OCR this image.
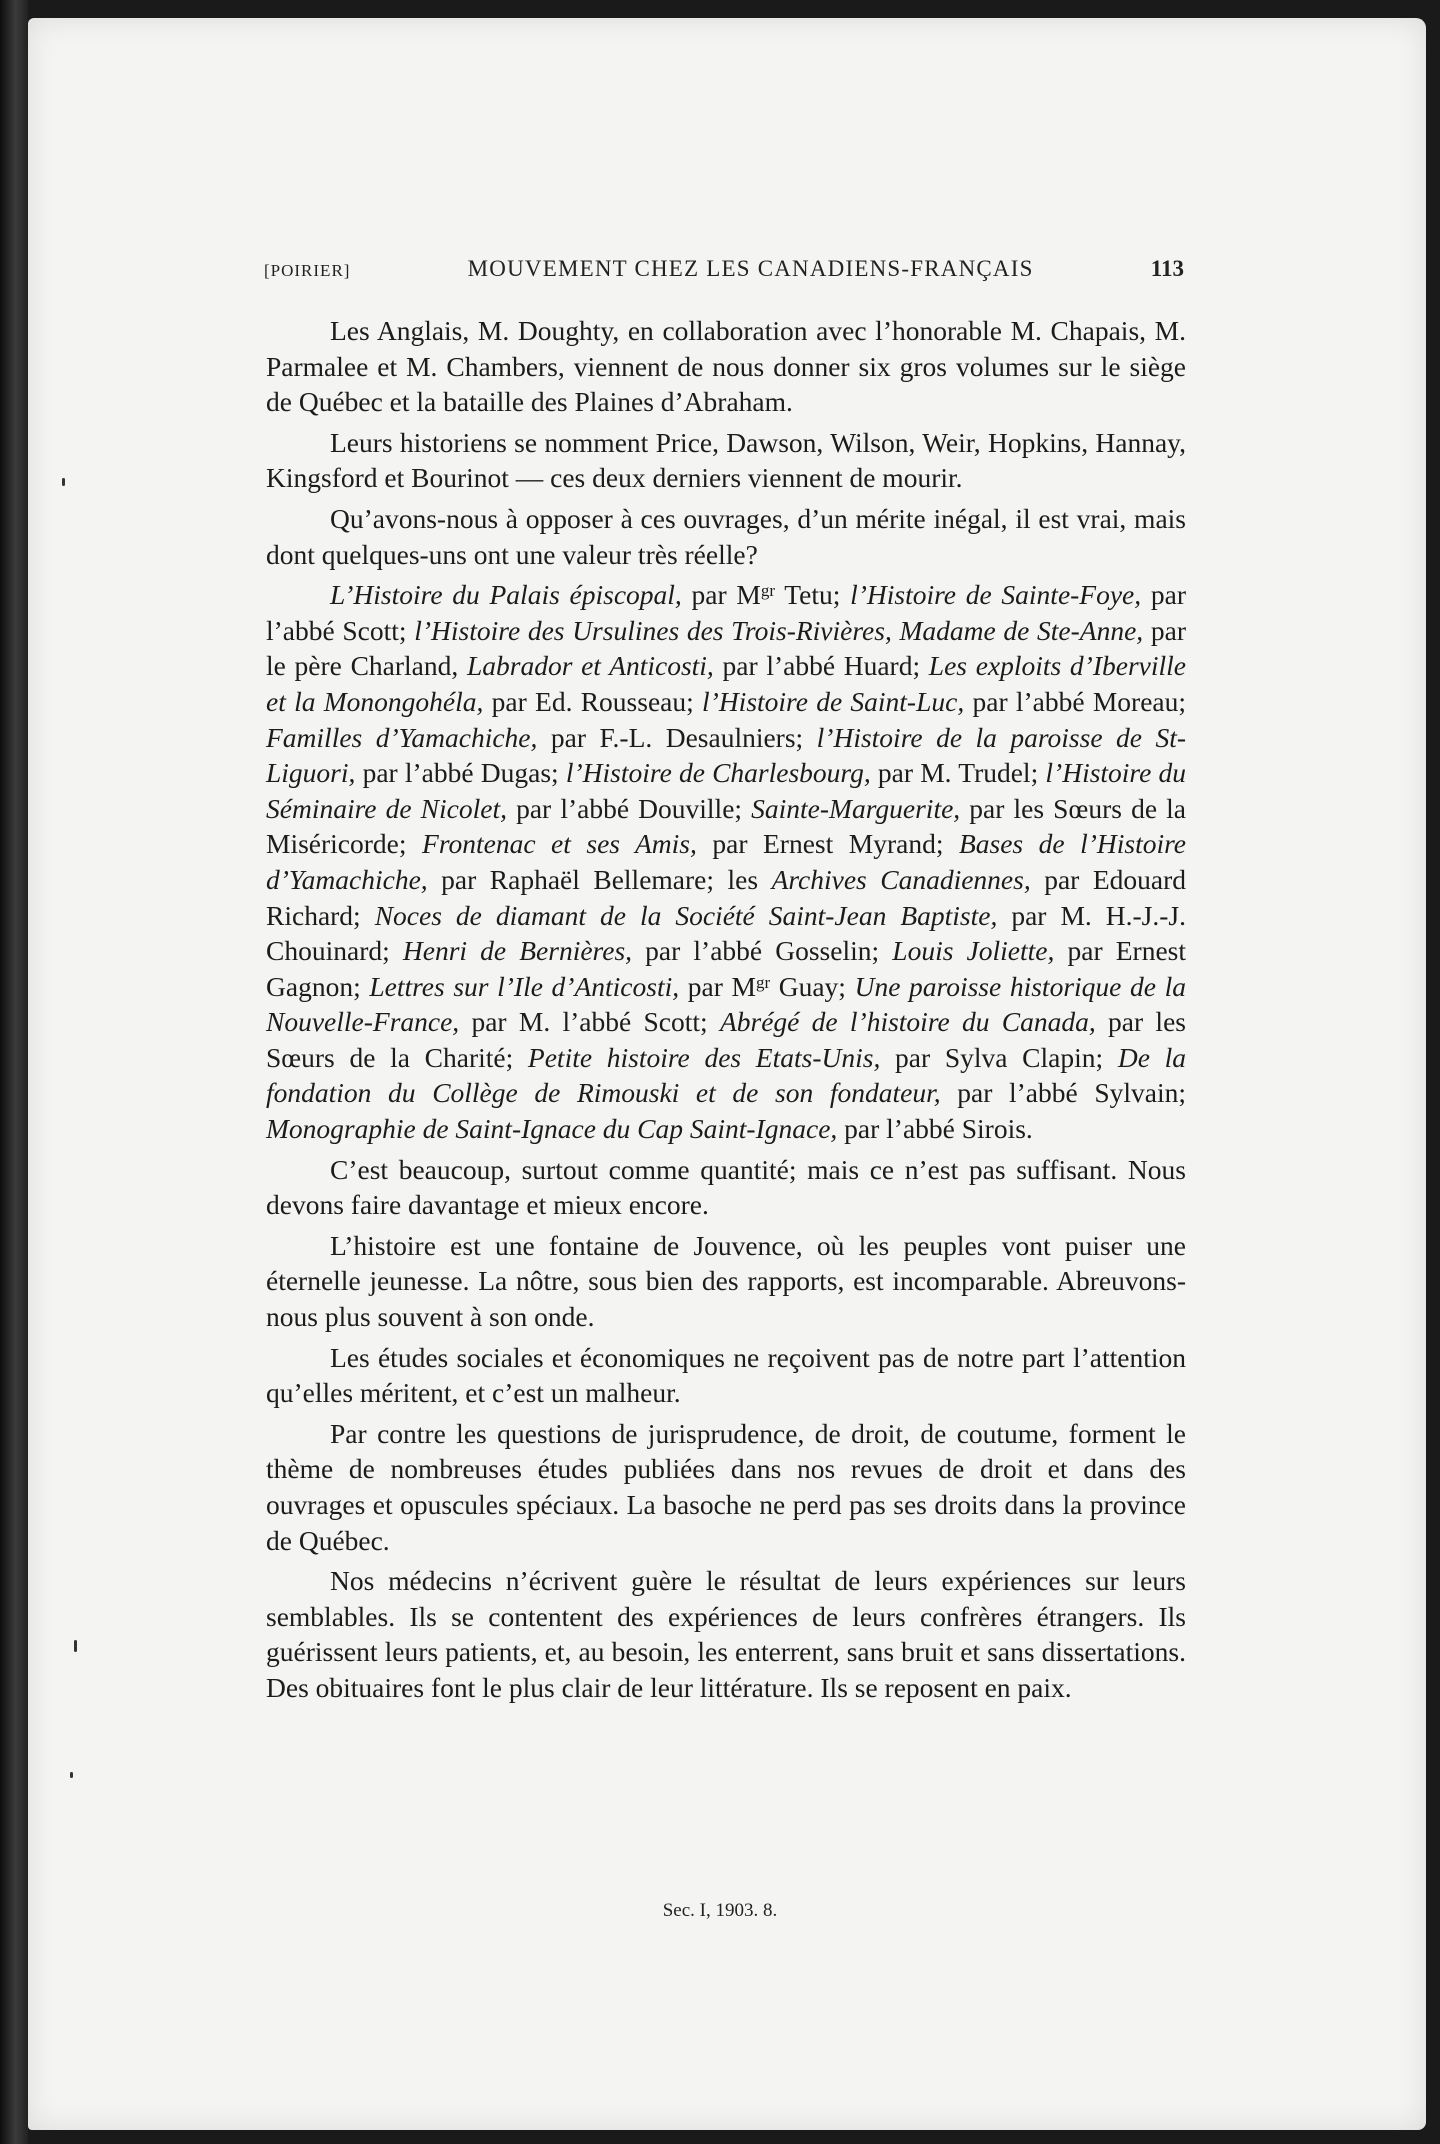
[POIRIER]	MOUVEMENT CHEZ LES CANADIENS-FRANÇAIS	113

Les Anglais, M. Doughty, en collaboration avec l’honorable M. Chapais, M. Parmalee et M. Chambers, viennent de nous donner six gros volumes sur le siège de Québec et la bataille des Plaines d’Abraham.

Leurs historiens se nomment Price, Dawson, Wilson, Weir, Hopkins, Hannay, Kingsford et Bourinot — ces deux derniers viennent de mourir.

Qu’avons-nous à opposer à ces ouvrages, d’un mérite inégal, il est vrai, mais dont quelques-uns ont une valeur très réelle?

L’Histoire du Palais épiscopal, par $M^{gr}$ Tetu; l’Histoire de Sainte-Foye, par l’abbé Scott; l’Histoire des Ursulines des Trois-Rivières, Madame de Ste-Anne, par le père Charland, Labrador et Anticosti, par l’abbé Huard; Les exploits d’Iberville et la Monongohéla, par Ed. Rousseau; l’Histoire de Saint-Luc, par l’abbé Moreau; Familles d’Yamachiche, par F.-L. Desaulniers; l’Histoire de la paroisse de St-Liguori, par l’abbé Dugas; l’Histoire de Charlesbourg, par M. Trudel; l’Histoire du Séminaire de Nicolet, par l’abbé Douville; Sainte-Marguerite, par les Sœurs de la Miséricorde; Frontenac et ses Amis, par Ernest Myrand; Bases de l’Histoire d’Yamachiche, par Raphaël Bellemare; les Archives Canadiennes, par Edouard Richard; Noces de diamant de la Société Saint-Jean Baptiste, par M. H.-J.-J. Chouinard; Henri de Bernières, par l’abbé Gosselin; Louis Joliette, par Ernest Gagnon; Lettres sur l’Ile d’Anticosti, par $M^{gr}$ Guay; Une paroisse historique de la Nouvelle-France, par M. l’abbé Scott; Abrégé de l’histoire du Canada, par les Sœurs de la Charité; Petite histoire des Etats-Unis, par Sylva Clapin; De la fondation du Collège de Rimouski et de son fondateur, par l’abbé Sylvain; Monographie de Saint-Ignace du Cap Saint-Ignace, par l’abbé Sirois.

C’est beaucoup, surtout comme quantité; mais ce n’est pas suffisant. Nous devons faire davantage et mieux encore.

L’histoire est une fontaine de Jouvence, où les peuples vont puiser une éternelle jeunesse. La nôtre, sous bien des rapports, est incomparable. Abreuvons-nous plus souvent à son onde.

Les études sociales et économiques ne reçoivent pas de notre part l’attention qu’elles méritent, et c’est un malheur.

Par contre les questions de jurisprudence, de droit, de coutume, forment le thème de nombreuses études publiées dans nos revues de droit et dans des ouvrages et opuscules spéciaux. La basoche ne perd pas ses droits dans la province de Québec.

Nos médecins n’écrivent guère le résultat de leurs expériences sur leurs semblables. Ils se contentent des expériences de leurs confrères étrangers. Ils guérissent leurs patients, et, au besoin, les enterrent, sans bruit et sans dissertations. Des obituaires font le plus clair de leur littérature. Ils se reposent en paix.

Sec. I, 1903. 8.
